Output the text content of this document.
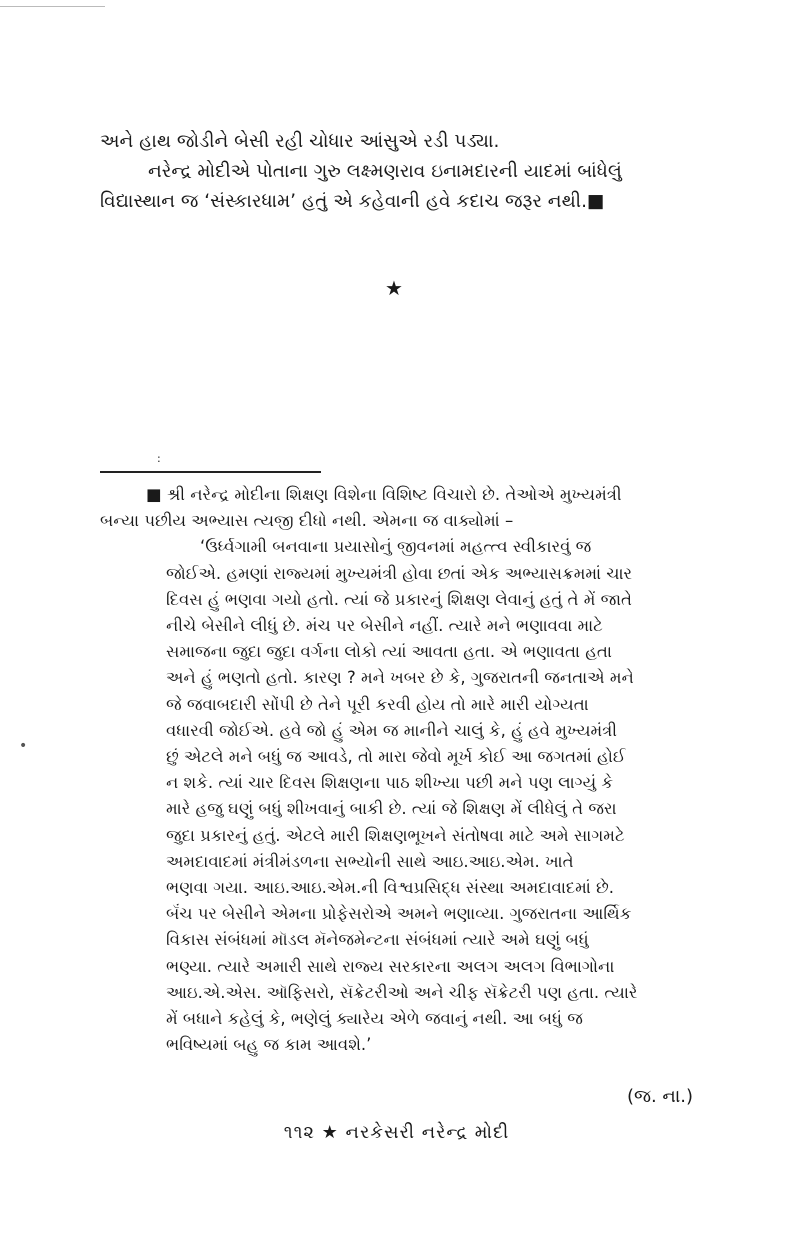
•

અને હાથ જોડીને બેસી રહી ચોધાર આંસુએ રડી પડ્યા.

નરેન્દ્ર મોદીએ પોતાના ગુરુ લક્ષ્મણરાવ ઇનામદારની યાદમાં બાંધેલું

વિદ્યાસ્થાન જ ‘સંસ્કારધામ’ હતું એ કહેવાની હવે કદાચ જરૂર નથી.■

★
:

■ શ્રી નરેન્દ્ર મોદીના શિક્ષણ વિશેના વિશિષ્ટ વિચારો છે. તેઓએ મુખ્યમંત્રી

બન્યા પછીય અભ્યાસ ત્યજી દીધો નથી. એમના જ વાક્યોમાં –

‘ઉર્ધ્વગામી બનવાના પ્રયાસોનું જીવનમાં મહત્ત્વ સ્વીકારવું જ

જોઈએ. હમણાં રાજ્યમાં મુખ્યમંત્રી હોવા છતાં એક અભ્યાસક્રમમાં ચાર

દિવસ હું ભણવા ગયો હતો. ત્યાં જે પ્રકારનું શિક્ષણ લેવાનું હતું તે મેં જાતે

નીચે બેસીને લીધું છે. મંચ પર બેસીને નહીં. ત્યારે મને ભણાવવા માટે

સમાજના જુદા જુદા વર્ગના લોકો ત્યાં આવતા હતા. એ ભણાવતા હતા

અને હું ભણતો હતો. કારણ ? મને ખબર છે કે, ગુજરાતની જનતાએ મને

જે જવાબદારી સોંપી છે તેને પૂરી કરવી હોય તો મારે મારી યોગ્યતા

વધારવી જોઈએ. હવે જો હું એમ જ માનીને ચાલું કે, હું હવે મુખ્યમંત્રી

છું એટલે મને બધું જ આવડે, તો મારા જેવો મૂર્ખ કોઈ આ જગતમાં હોઈ

ન શકે. ત્યાં ચાર દિવસ શિક્ષણના પાઠ શીખ્યા પછી મને પણ લાગ્યું કે

મારે હજુ ઘણું બધું શીખવાનું બાકી છે. ત્યાં જે શિક્ષણ મેં લીધેલું તે જરા

જુદા પ્રકારનું હતું. એટલે મારી શિક્ષણભૂખને સંતોષવા માટે અમે સાગમટે

અમદાવાદમાં મંત્રીમંડળના સભ્યોની સાથે આઇ.આઇ.એમ. ખાતે

ભણવા ગયા. આઇ.આઇ.એમ.ની વિશ્વપ્રસિદ્ધ સંસ્થા અમદાવાદમાં છે.

બૅંચ પર બેસીને એમના પ્રોફેસરોએ અમને ભણાવ્યા. ગુજરાતના આર્થિક

વિકાસ સંબંધમાં મૉડલ મૅનેજમેન્ટના સંબંધમાં ત્યારે અમે ઘણું બધું

ભણ્યા. ત્યારે અમારી સાથે રાજ્ય સરકારના અલગ અલગ વિભાગોના

આઇ.એ.એસ. ઑફિસરો, સૅક્રેટરીઓ અને ચીફ સૅક્રેટરી પણ હતા. ત્યારે

મેં બધાને કહેલું કે, ભણેલું ક્યારેય એળે જવાનું નથી. આ બધું જ

ભવિષ્યમાં બહુ જ કામ આવશે.’

(જ. ના.)
૧૧૨ ★ નરકેસરી નરેન્દ્ર મોદી
